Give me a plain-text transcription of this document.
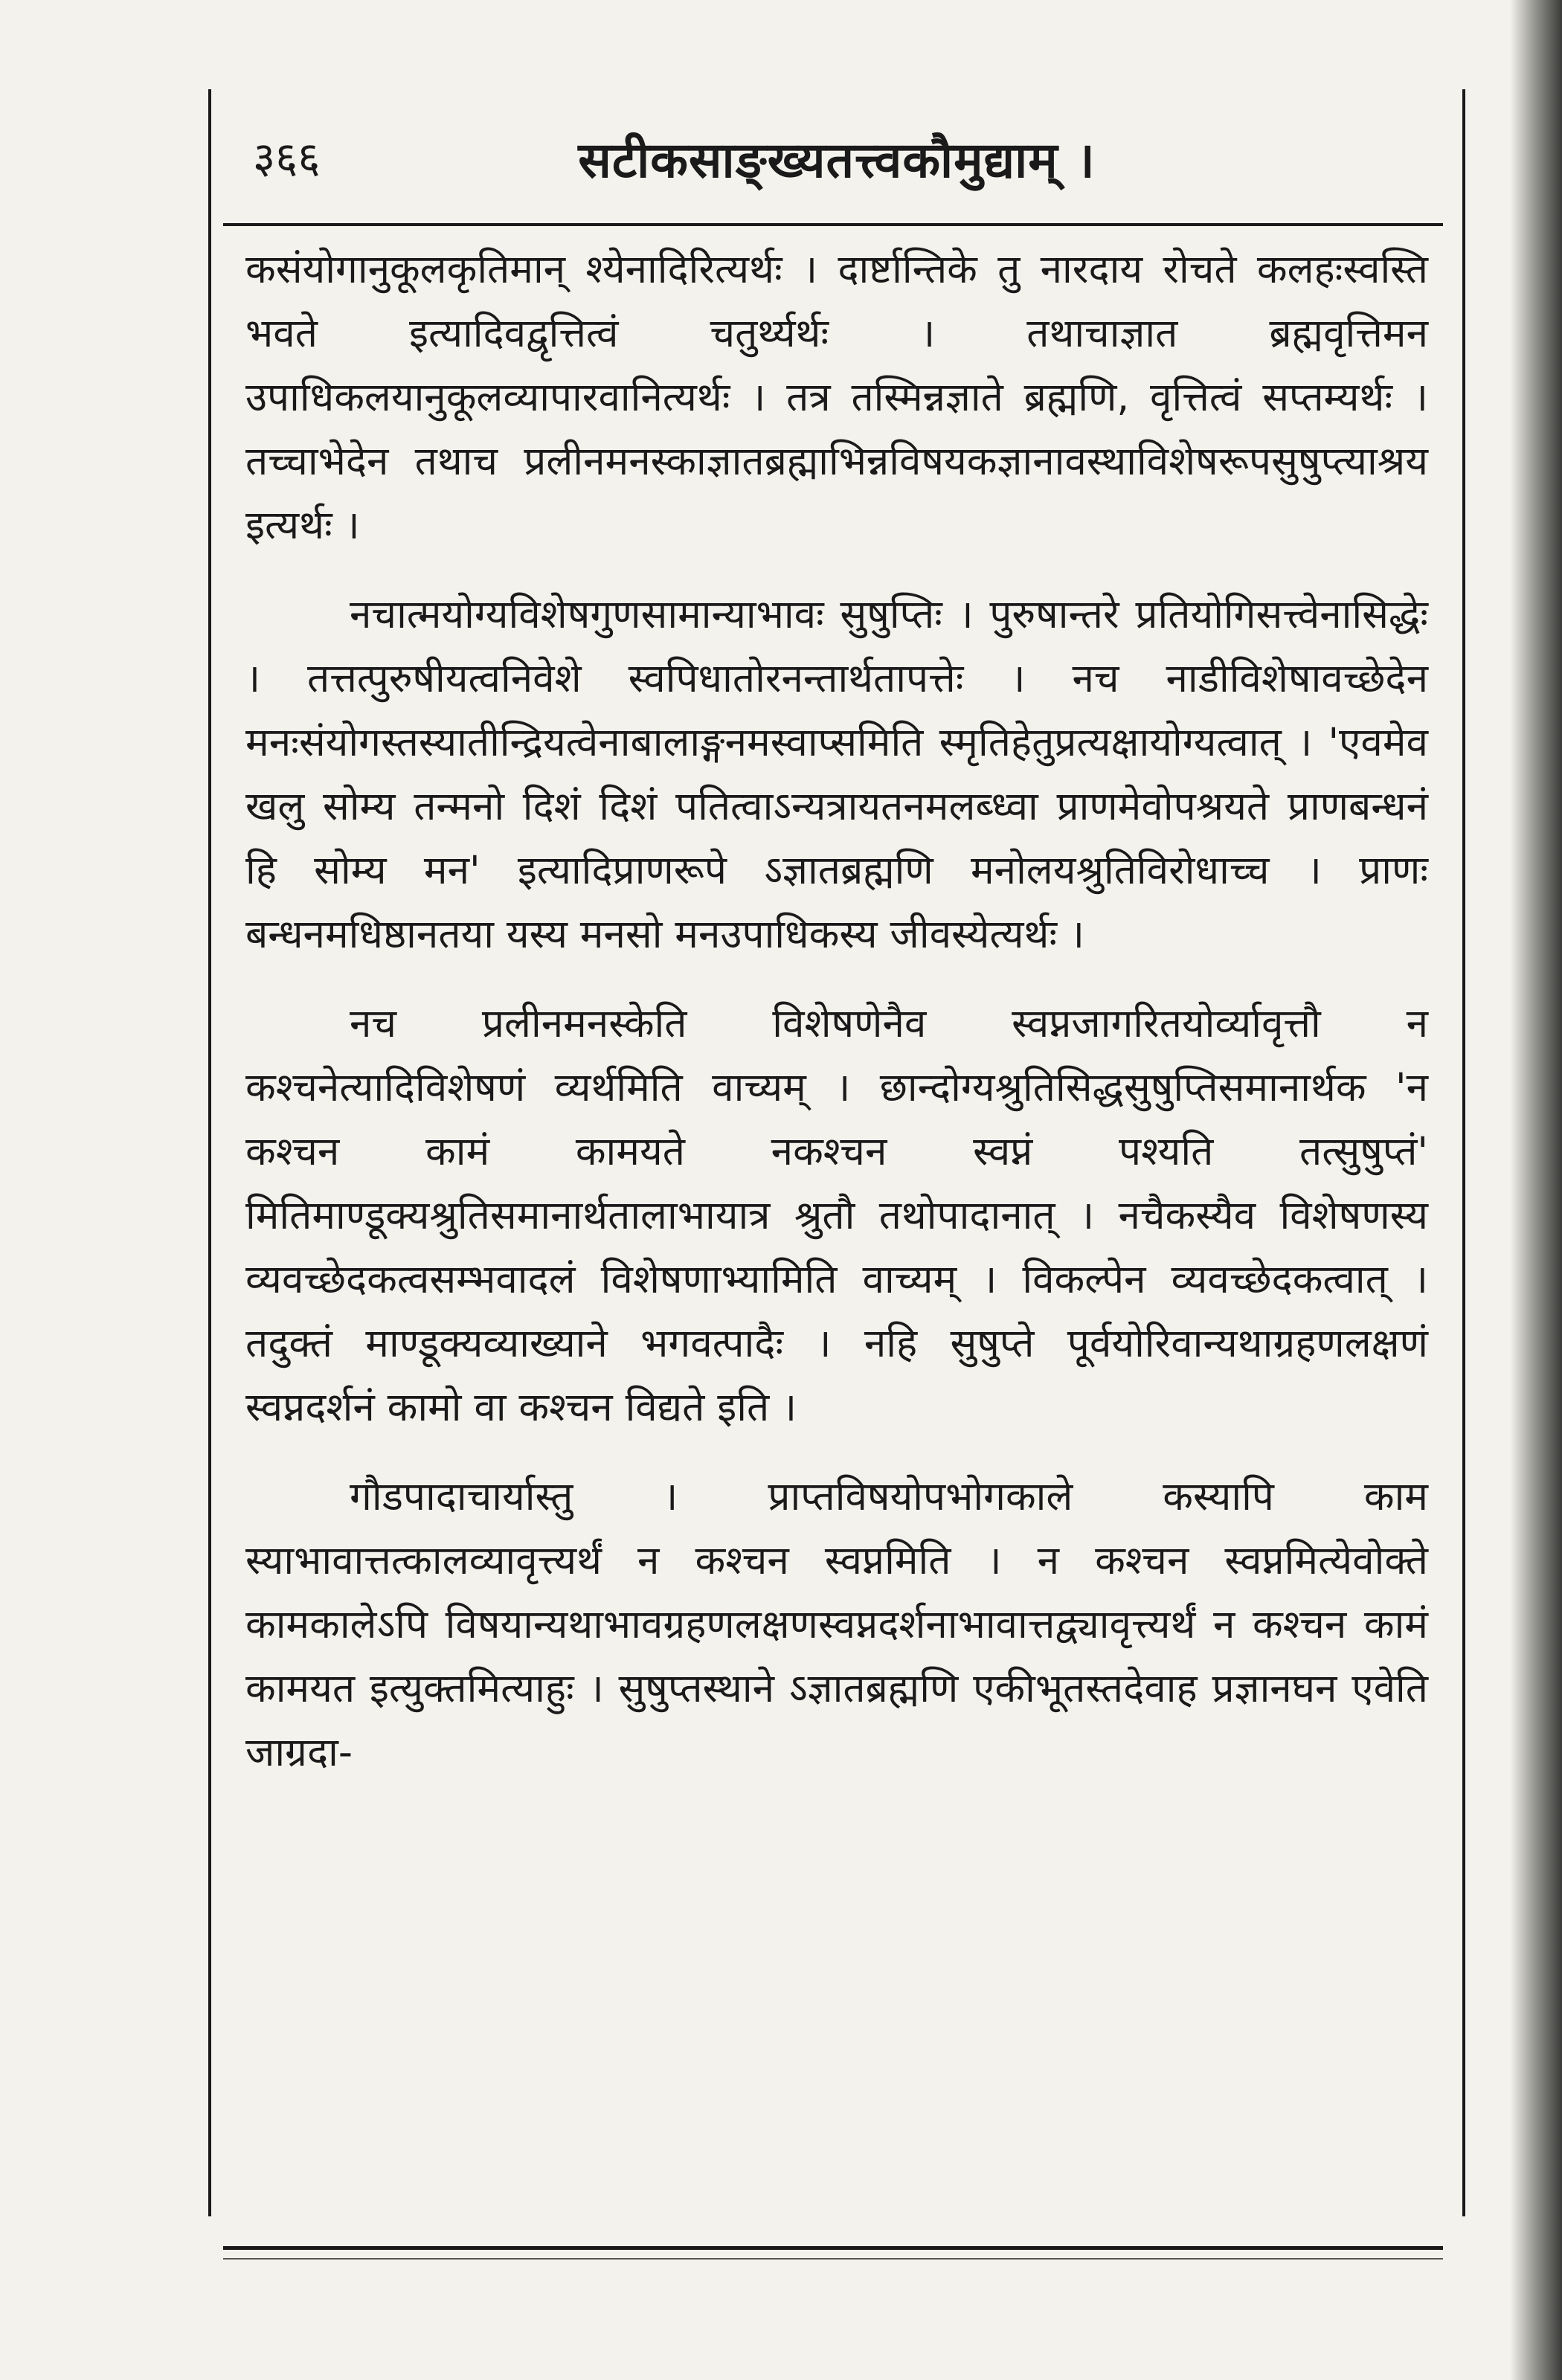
३६६	सटीकसाङ्ख्यतत्त्वकौमुद्याम् ।

कसंयोगानुकूलकृतिमान् श्येनादिरित्यर्थः । दार्ष्टान्तिके तु नारदाय रोचते कलहःस्वस्ति भवते इत्यादिवद्वृत्तित्वं चतुर्थ्यर्थः । तथाचाज्ञात ब्रह्मवृत्तिमन उपाधिकलयानुकूलव्यापारवानित्यर्थः । तत्र तस्मिन्नज्ञाते ब्रह्मणि, वृत्तित्वं सप्तम्यर्थः । तच्चाभेदेन तथाच प्रलीनमनस्काज्ञातब्रह्माभिन्नविषयकज्ञानावस्थाविशेषरूपसुषुप्त्याश्रय इत्यर्थः ।

नचात्मयोग्यविशेषगुणसामान्याभावः सुषुप्तिः । पुरुषान्तरे प्रतियोगिसत्त्वेनासिद्धेः । तत्तत्पुरुषीयत्वनिवेशे स्वपिधातोरनन्तार्थतापत्तेः । नच नाडीविशेषावच्छेदेन मनःसंयोगस्तस्यातीन्द्रियत्वेनाबालाङ्गनमस्वाप्समिति स्मृतिहेतुप्रत्यक्षायोग्यत्वात् । 'एवमेव खलु सोम्य तन्मनो दिशं दिशं पतित्वाऽन्यत्रायतनमलब्ध्वा प्राणमेवोपश्रयते प्राणबन्धनं हि सोम्य मन' इत्यादिप्राणरूपे ऽज्ञातब्रह्मणि मनोलयश्रुतिविरोधाच्च । प्राणः बन्धनमधिष्ठानतया यस्य मनसो मनउपाधिकस्य जीवस्येत्यर्थः ।

नच प्रलीनमनस्केति विशेषणेनैव स्वप्नजागरितयोर्व्यावृत्तौ न कश्चनेत्यादिविशेषणं व्यर्थमिति वाच्यम् । छान्दोग्यश्रुतिसिद्धसुषुप्तिसमानार्थक 'न कश्चन कामं कामयते नकश्चन स्वप्नं पश्यति तत्सुषुप्तं' मितिमाण्डूक्यश्रुतिसमानार्थतालाभायात्र श्रुतौ तथोपादानात् । नचैकस्यैव विशेषणस्य व्यवच्छेदकत्वसम्भवादलं विशेषणाभ्यामिति वाच्यम् । विकल्पेन व्यवच्छेदकत्वात् । तदुक्तं माण्डूक्यव्याख्याने भगवत्पादैः । नहि सुषुप्ते पूर्वयोरिवान्यथाग्रहणलक्षणं स्वप्नदर्शनं कामो वा कश्चन विद्यते इति ।

गौडपादाचार्यास्तु । प्राप्तविषयोपभोगकाले कस्यापि काम स्याभावात्तत्कालव्यावृत्त्यर्थं न कश्चन स्वप्नमिति । न कश्चन स्वप्नमित्येवोक्ते कामकालेऽपि विषयान्यथाभावग्रहणलक्षणस्वप्नदर्शनाभावात्तद्व्यावृत्त्यर्थं न कश्चन कामं कामयत इत्युक्तमित्याहुः । सुषुप्तस्थाने ऽज्ञातब्रह्मणि एकीभूतस्तदेवाह प्रज्ञानघन एवेति जाग्रदा-
